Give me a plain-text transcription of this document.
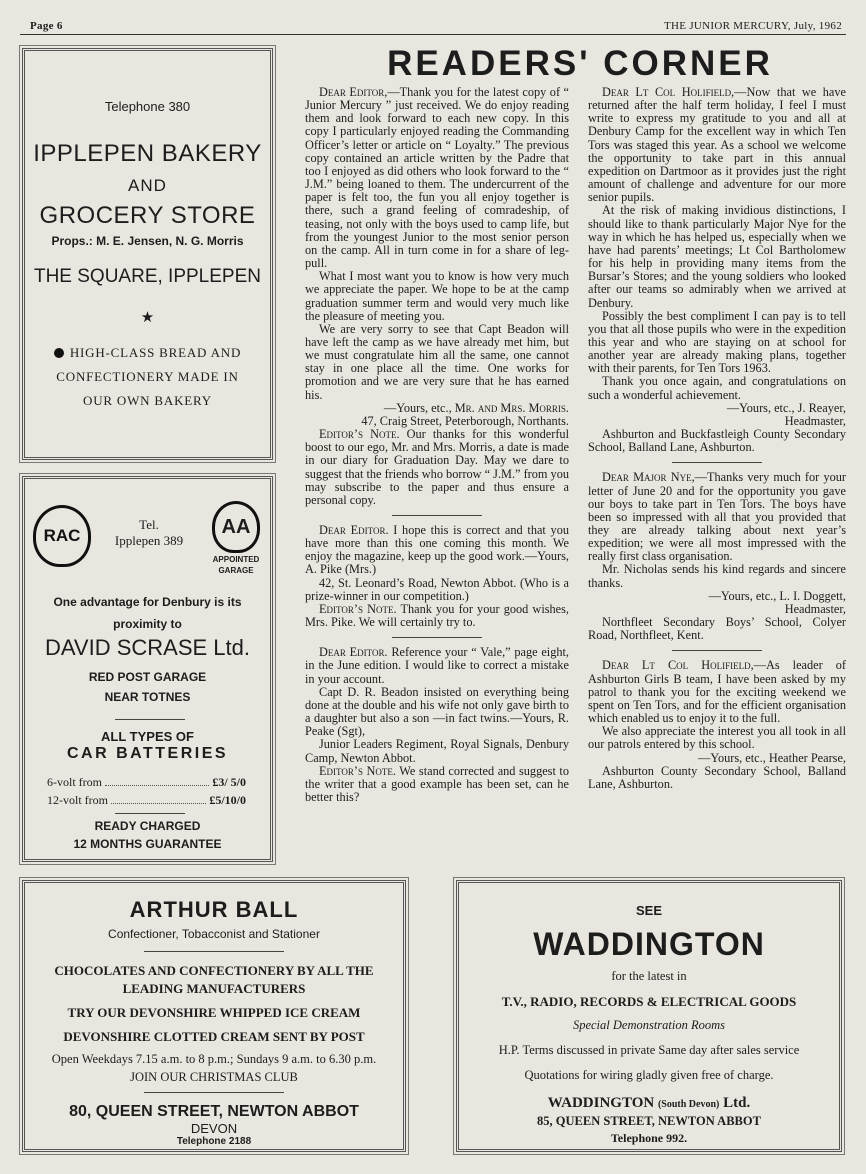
Page 6	THE JUNIOR MERCURY, July, 1962
Telephone 380
IPPLEPEN BAKERY
AND
GROCERY STORE
Props.: M. E. Jensen, N. G. Morris
THE SQUARE, IPPLEPEN
★
HIGH-CLASS BREAD AND
CONFECTIONERY MADE IN
OUR OWN BAKERY
RAC
Tel.
Ipplepen 389
AA
APPOINTED
GARAGE
One advantage for Denbury is its
proximity to
DAVID SCRASE Ltd.
RED POST GARAGE
NEAR TOTNES
ALL TYPES OF
CAR BATTERIES
6-volt from	£3/ 5/0
12-volt from	£5/10/0
READY CHARGED
12 MONTHS GUARANTEE
ARTHUR BALL
Confectioner, Tobacconist and Stationer
CHOCOLATES AND CONFECTIONERY BY ALL THE
LEADING MANUFACTURERS
TRY OUR DEVONSHIRE WHIPPED ICE CREAM
DEVONSHIRE CLOTTED CREAM SENT BY POST
Open Weekdays 7.15 a.m. to 8 p.m.; Sundays 9 a.m. to 6.30 p.m.
JOIN OUR CHRISTMAS CLUB
80, QUEEN STREET, NEWTON ABBOT
DEVON
Telephone 2188
SEE
WADDINGTON
for the latest in
T.V., RADIO, RECORDS & ELECTRICAL GOODS
Special Demonstration Rooms
H.P. Terms discussed in private Same day after sales service
Quotations for wiring gladly given free of charge.
WADDINGTON (South Devon) Ltd.
85, QUEEN STREET, NEWTON ABBOT
Telephone 992.
READERS' CORNER

Dear Editor,—Thank you for the latest copy of “ Junior Mercury ” just received. We do enjoy reading them and look forward to each new copy. In this copy I particularly enjoyed reading the Commanding Officer’s letter or article on “ Loyalty.” The previous copy contained an article written by the Padre that too I enjoyed as did others who look forward to the “ J.M.” being loaned to them. The undercurrent of the paper is felt too, the fun you all enjoy together is there, such a grand feeling of comradeship, of teasing, not only with the boys used to camp life, but from the youngest Junior to the most senior person on the camp. All in turn come in for a share of leg-pull.

What I most want you to know is how very much we appreciate the paper. We hope to be at the camp graduation summer term and would very much like the pleasure of meeting you.

We are very sorry to see that Capt Beadon will have left the camp as we have already met him, but we must congratulate him all the same, one cannot stay in one place all the time. One works for promotion and we are very sure that he has earned his.

—Yours, etc., Mr. and Mrs. Morris.

47, Craig Street, Peterborough, Northants.

Editor’s Note. Our thanks for this wonderful boost to our ego, Mr. and Mrs. Morris, a date is made in our diary for Graduation Day. May we dare to suggest that the friends who borrow “ J.M.” from you may subscribe to the paper and thus ensure a personal copy.

Dear Editor. I hope this is correct and that you have more than this one coming this month. We enjoy the magazine, keep up the good work.—Yours, A. Pike (Mrs.)

42, St. Leonard’s Road, Newton Abbot. (Who is a prize-winner in our competition.)

Editor’s Note. Thank you for your good wishes, Mrs. Pike. We will certainly try to.

Dear Editor. Reference your “ Vale,” page eight, in the June edition. I would like to correct a mistake in your account.

Capt D. R. Beadon insisted on everything being done at the double and his wife not only gave birth to a daughter but also a son —in fact twins.—Yours, R. Peake (Sgt),

Junior Leaders Regiment, Royal Signals, Denbury Camp, Newton Abbot.

Editor’s Note. We stand corrected and suggest to the writer that a good example has been set, can he better this?

Dear Lt Col Holifield,—Now that we have returned after the half term holiday, I feel I must write to express my gratitude to you and all at Denbury Camp for the excellent way in which Ten Tors was staged this year. As a school we welcome the opportunity to take part in this annual expedition on Dartmoor as it provides just the right amount of challenge and adventure for our more senior pupils.

At the risk of making invidious distinctions, I should like to thank particularly Major Nye for the way in which he has helped us, especially when we have had parents’ meetings; Lt Col Bartholomew for his help in providing many items from the Bursar’s Stores; and the young soldiers who looked after our teams so admirably when we arrived at Denbury.

Possibly the best compliment I can pay is to tell you that all those pupils who were in the expedition this year and who are staying on at school for another year are already making plans, together with their parents, for Ten Tors 1963.

Thank you once again, and congratulations on such a wonderful achievement.

—Yours, etc., J. Reayer,

Headmaster,

Ashburton and Buckfastleigh County Secondary School, Balland Lane, Ashburton.

Dear Major Nye,—Thanks very much for your letter of June 20 and for the opportunity you gave our boys to take part in Ten Tors. The boys have been so impressed with all that you provided that they are already talking about next year’s expedition; we were all most impressed with the really first class organisation.

Mr. Nicholas sends his kind regards and sincere thanks.

—Yours, etc., L. I. Doggett,

Headmaster,

Northfleet Secondary Boys’ School, Colyer Road, Northfleet, Kent.

Dear Lt Col Holifield,—As leader of Ashburton Girls B team, I have been asked by my patrol to thank you for the exciting weekend we spent on Ten Tors, and for the efficient organisation which enabled us to enjoy it to the full.

We also appreciate the interest you all took in all our patrols entered by this school.

—Yours, etc., Heather Pearse,

Ashburton County Secondary School, Balland Lane, Ashburton.
